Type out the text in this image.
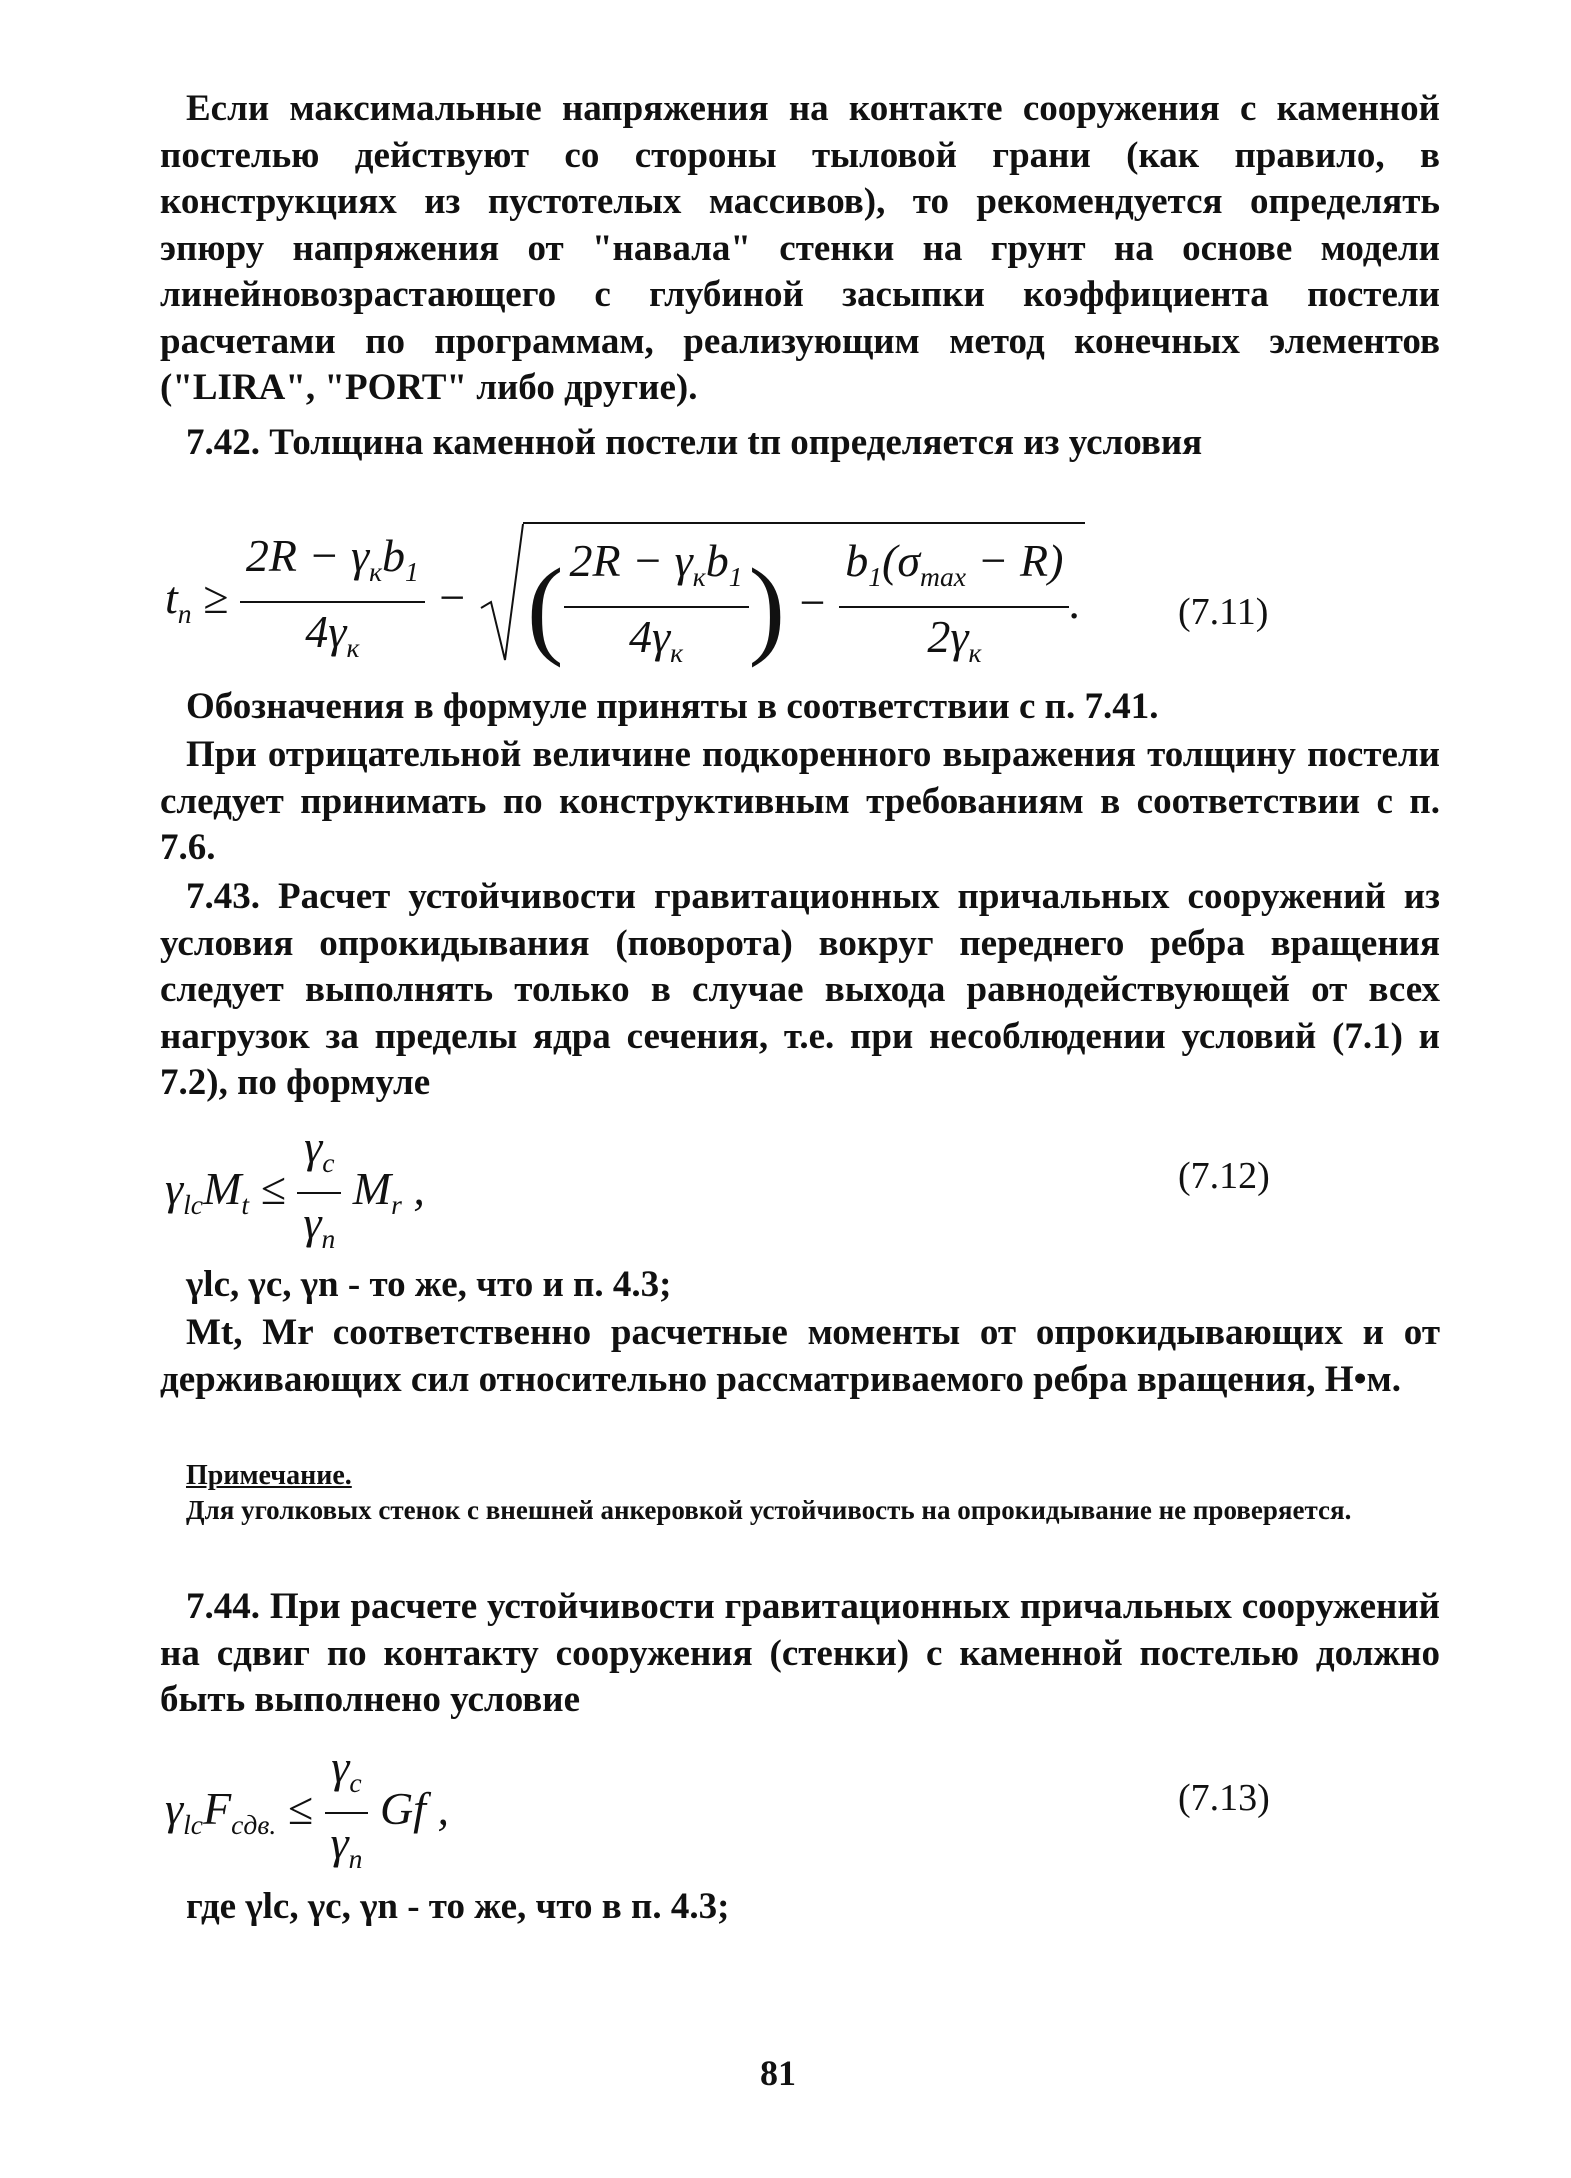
Если максимальные напряжения на контакте сооружения с каменной постелью действуют со стороны тыловой грани (как правило, в конструкциях из пустотелых массивов), то рекомендуется определять эпюру напряжения от "навала" стенки на грунт на основе модели линейновозрастающего с глубиной засыпки коэффициента постели расчетами по программам, реализующим метод конечных элементов ("LIRA", "PORT" либо другие).

7.42. Толщина каменной постели tп определяется из условия

$t_n \ge \frac{2R - \gamma_кb_1}{4\gamma_к}$ −
( $\frac{2R - \gamma_кb_1}{4\gamma_к}$ ) − $\frac{b_1(\sigma_{max} - R)}{2\gamma_к}$ .	(7.11)

Обозначения в формуле приняты в соответствии с п. 7.41.

При отрицательной величине подкоренного выражения толщину постели следует принимать по конструктивным требованиям в соответствии с п. 7.6.

7.43. Расчет устойчивости гравитационных причальных сооружений из условия опрокидывания (поворота) вокруг переднего ребра вращения следует выполнять только в случае выхода равнодействующей от всех нагрузок за пределы ядра сечения, т.е. при несоблюдении условий (7.1) и 7.2), по формуле

$\gamma_{lc}M_t \le \frac{\gamma_c}{\gamma_n} M_r$ ,	(7.12)

γlc, γc, γn - то же, что и п. 4.3;

Mt, Mr соответственно расчетные моменты от опрокидывающих и от держивающих сил относительно рассматриваемого ребра вращения, Н•м.

Примечание.

Для уголковых стенок с внешней анкеровкой устойчивость на опрокидывание не проверяется.

7.44. При расчете устойчивости гравитационных причальных сооружений на сдвиг по контакту сооружения (стенки) с каменной постелью должно быть выполнено условие

$\gamma_{lc}F_{сдв.} \le \frac{\gamma_c}{\gamma_n}$ Gf ,	(7.13)

где γlc, γc, γn - то же, что в п. 4.3;

81
